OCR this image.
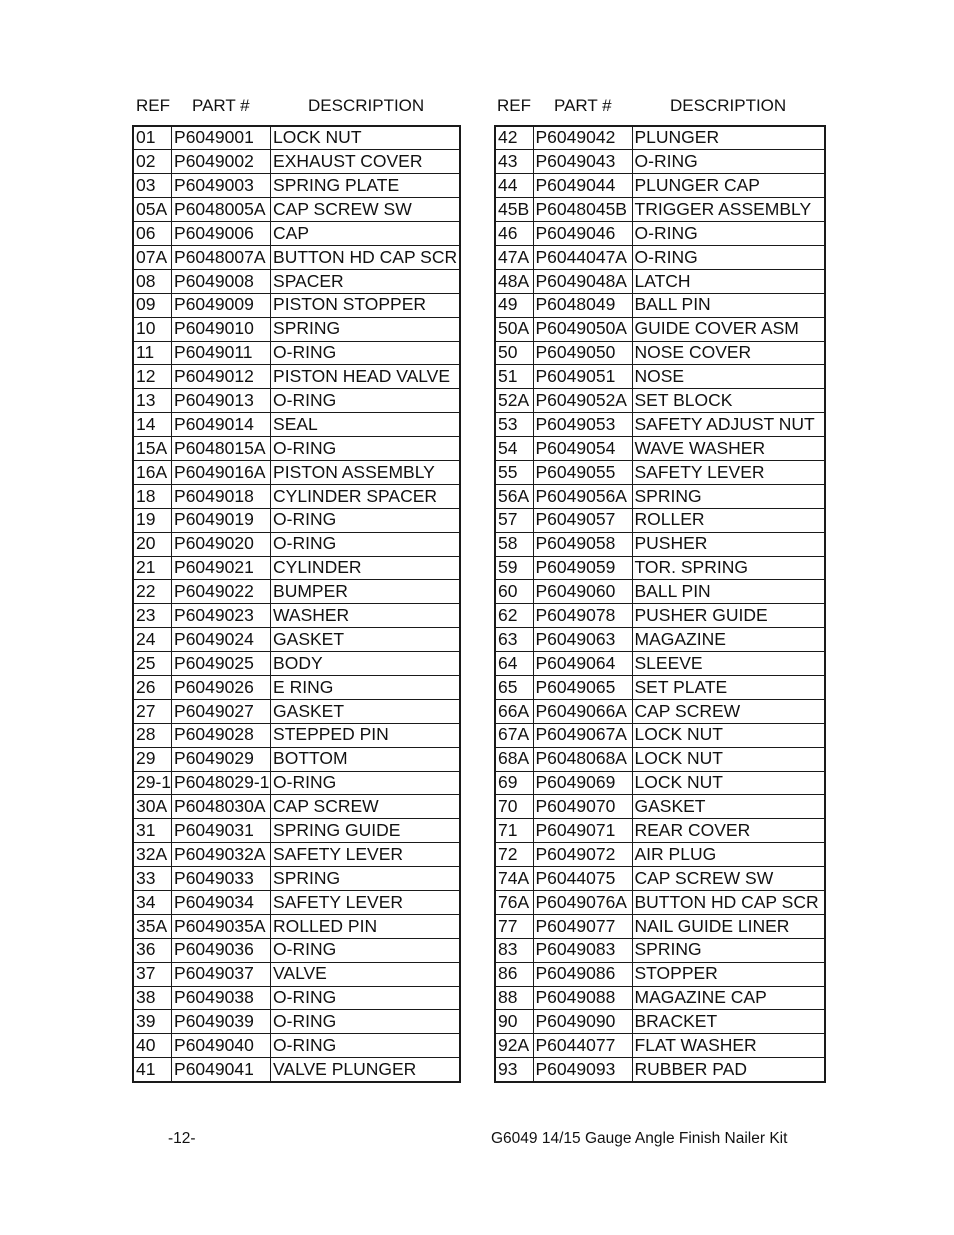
REF PART #	DESCRIPTION	REF PART #	DESCRIPTION
01	P6049001	LOCK NUT
02	P6049002	EXHAUST COVER
03	P6049003	SPRING PLATE
05A	P6048005A	CAP SCREW SW
06	P6049006	CAP
07A	P6048007A	BUTTON HD CAP SCR
08	P6049008	SPACER
09	P6049009	PISTON STOPPER
10	P6049010	SPRING
11	P6049011	O-RING
12	P6049012	PISTON HEAD VALVE
13	P6049013	O-RING
14	P6049014	SEAL
15A	P6048015A	O-RING
16A	P6049016A	PISTON ASSEMBLY
18	P6049018	CYLINDER SPACER
19	P6049019	O-RING
20	P6049020	O-RING
21	P6049021	CYLINDER
22	P6049022	BUMPER
23	P6049023	WASHER
24	P6049024	GASKET
25	P6049025	BODY
26	P6049026	E RING
27	P6049027	GASKET
28	P6049028	STEPPED PIN
29	P6049029	BOTTOM
29-1	P6048029-1	O-RING
30A	P6048030A	CAP SCREW
31	P6049031	SPRING GUIDE
32A	P6049032A	SAFETY LEVER
33	P6049033	SPRING
34	P6049034	SAFETY LEVER
35A	P6049035A	ROLLED PIN
36	P6049036	O-RING
37	P6049037	VALVE
38	P6049038	O-RING
39	P6049039	O-RING
40	P6049040	O-RING
41	P6049041	VALVE PLUNGER
42	P6049042	PLUNGER
43	P6049043	O-RING
44	P6049044	PLUNGER CAP
45B	P6048045B	TRIGGER ASSEMBLY
46	P6049046	O-RING
47A	P6044047A	O-RING
48A	P6049048A	LATCH
49	P6048049	BALL PIN
50A	P6049050A	GUIDE COVER ASM
50	P6049050	NOSE COVER
51	P6049051	NOSE
52A	P6049052A	SET BLOCK
53	P6049053	SAFETY ADJUST NUT
54	P6049054	WAVE WASHER
55	P6049055	SAFETY LEVER
56A	P6049056A	SPRING
57	P6049057	ROLLER
58	P6049058	PUSHER
59	P6049059	TOR. SPRING
60	P6049060	BALL PIN
62	P6049078	PUSHER GUIDE
63	P6049063	MAGAZINE
64	P6049064	SLEEVE
65	P6049065	SET PLATE
66A	P6049066A	CAP SCREW
67A	P6049067A	LOCK NUT
68A	P6048068A	LOCK NUT
69	P6049069	LOCK NUT
70	P6049070	GASKET
71	P6049071	REAR COVER
72	P6049072	AIR PLUG
74A	P6044075	CAP SCREW SW
76A	P6049076A	BUTTON HD CAP SCR
77	P6049077	NAIL GUIDE LINER
83	P6049083	SPRING
86	P6049086	STOPPER
88	P6049088	MAGAZINE CAP
90	P6049090	BRACKET
92A	P6044077	FLAT WASHER
93	P6049093	RUBBER PAD
-12-	G6049 14/15 Gauge Angle Finish Nailer Kit
